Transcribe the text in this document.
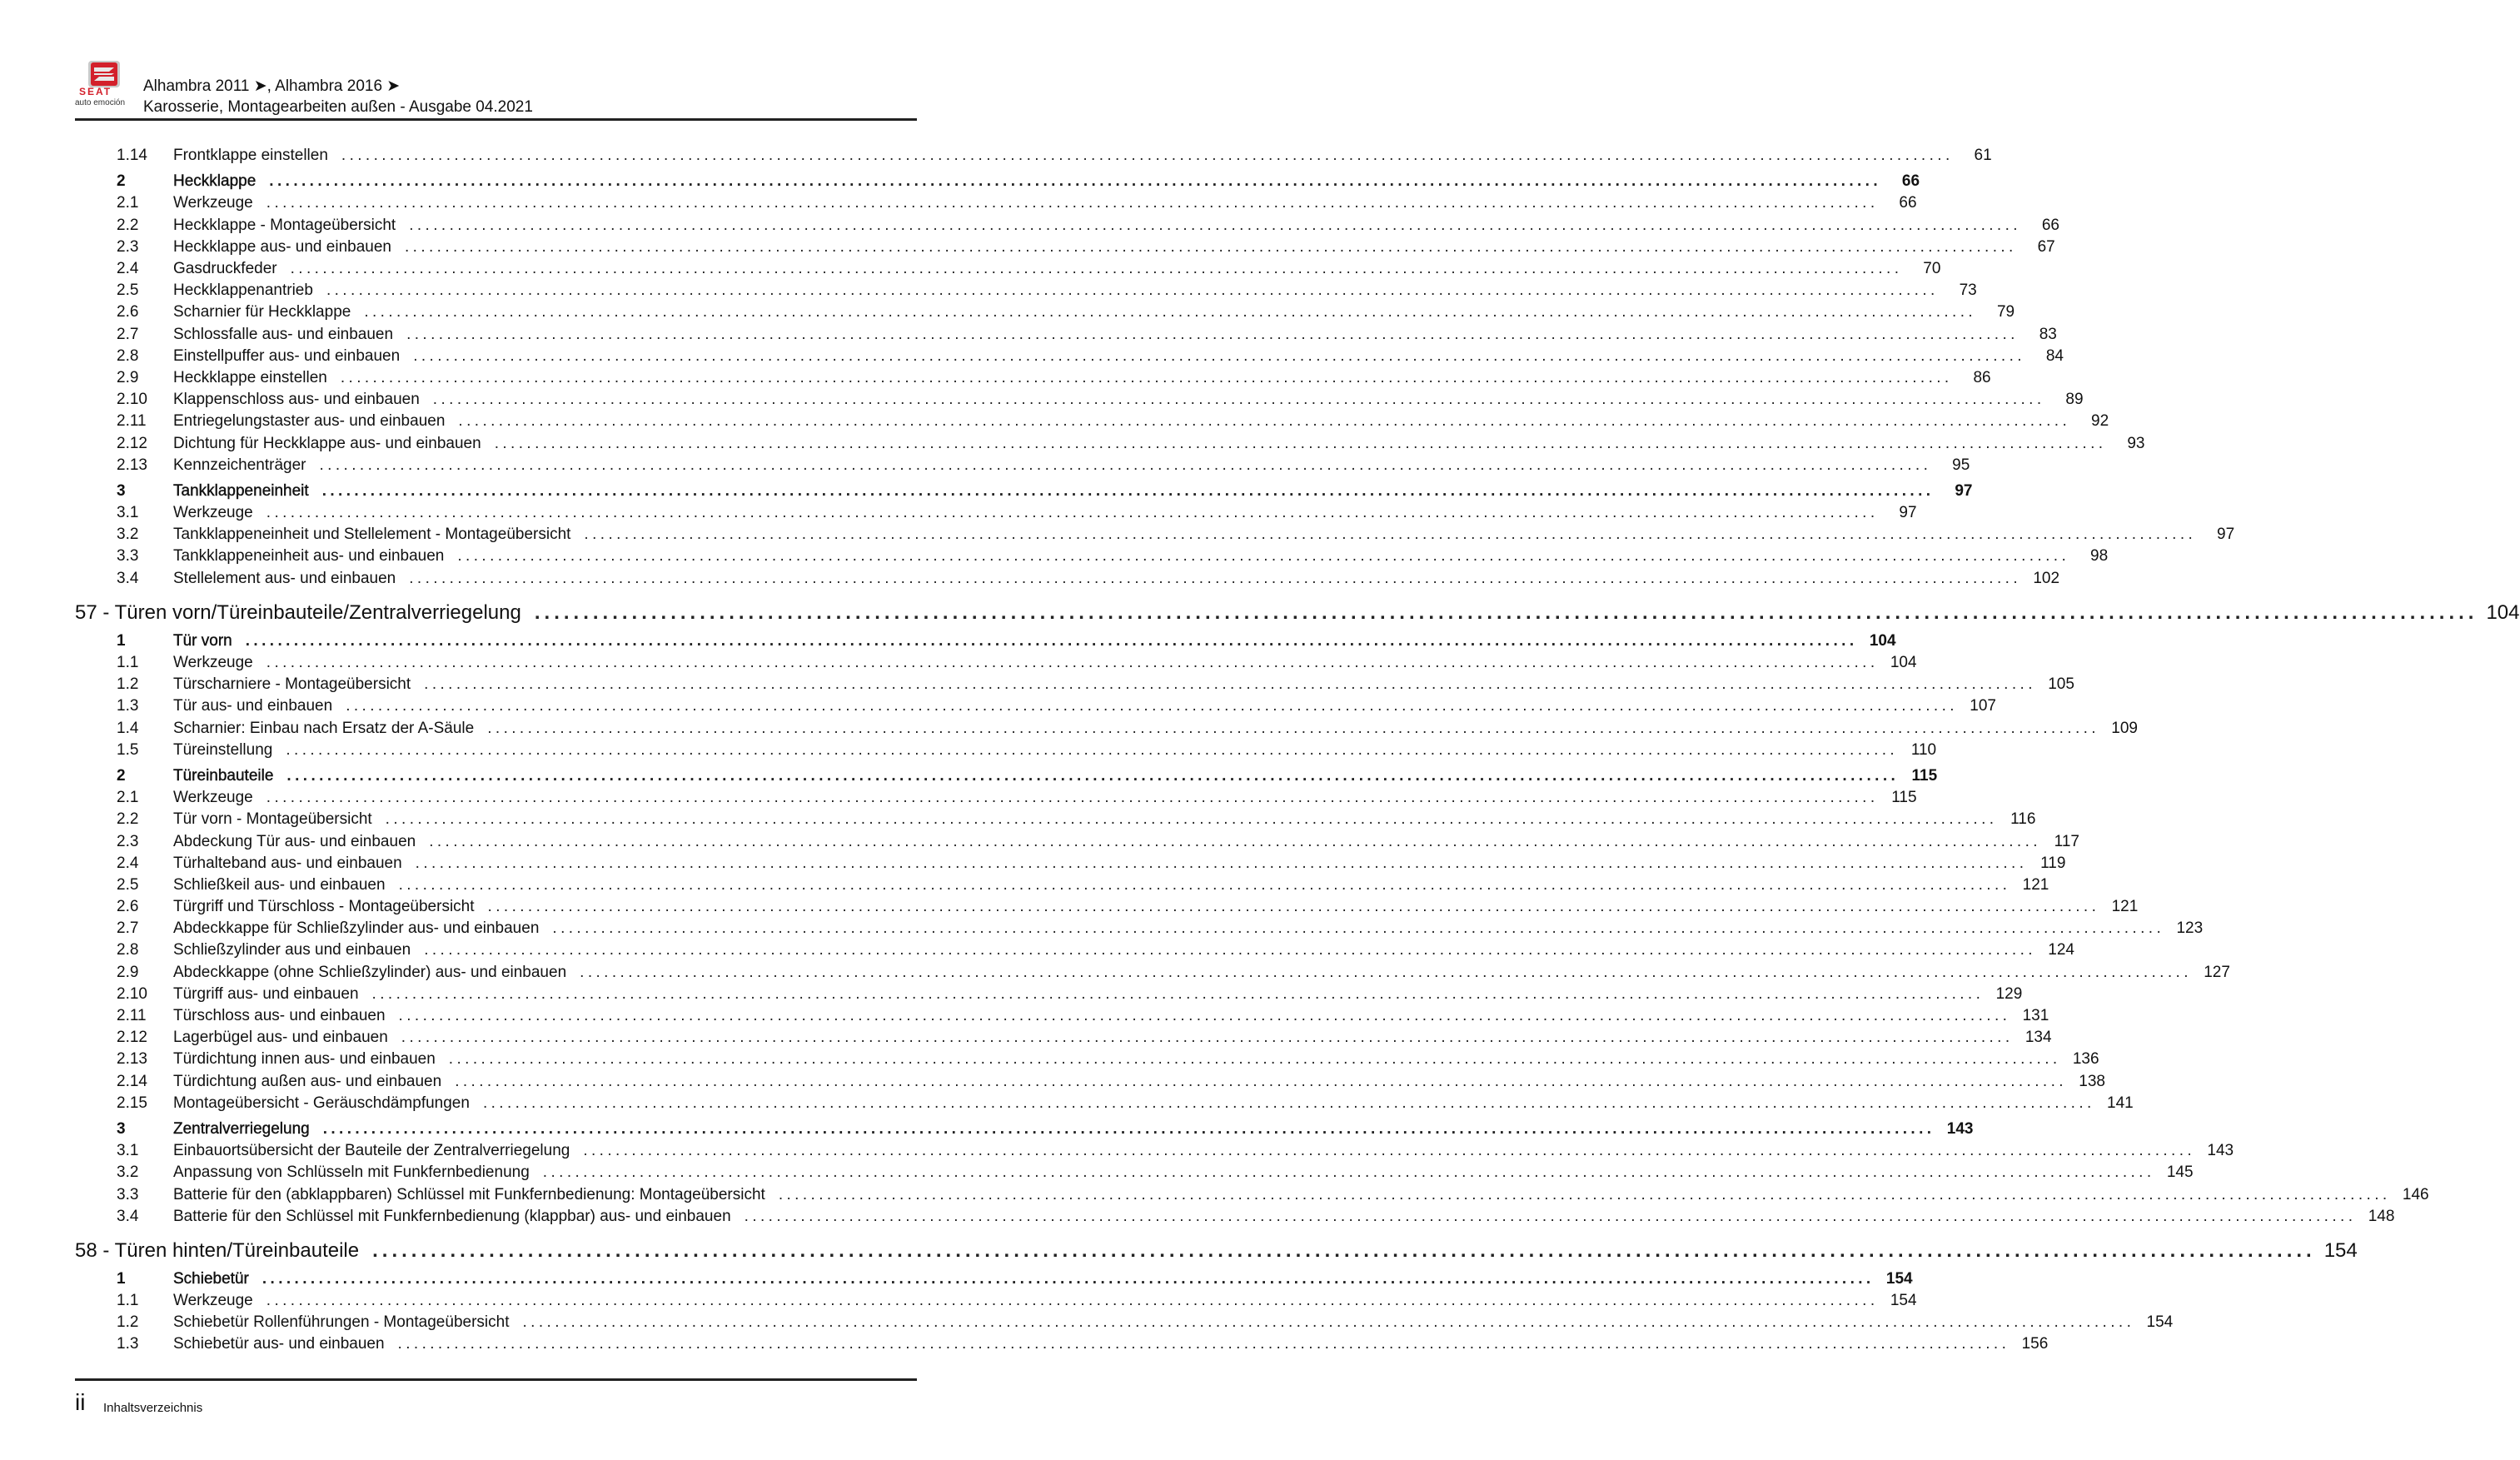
SEAT
auto emoción
Alhambra 2011 ➤, Alhambra 2016 ➤
Karosserie, Montagearbeiten außen - Ausgabe 04.2021
1.14	Frontklappe einstellen ........................................................................................................................................................................................................	61
2	Heckklappe ........................................................................................................................................................................................................	66
2.1	Werkzeuge ........................................................................................................................................................................................................	66
2.2	Heckklappe - Montageübersicht ........................................................................................................................................................................................................	66
2.3	Heckklappe aus- und einbauen ........................................................................................................................................................................................................	67
2.4	Gasdruckfeder ........................................................................................................................................................................................................	70
2.5	Heckklappenantrieb ........................................................................................................................................................................................................	73
2.6	Scharnier für Heckklappe ........................................................................................................................................................................................................	79
2.7	Schlossfalle aus- und einbauen ........................................................................................................................................................................................................	83
2.8	Einstellpuffer aus- und einbauen ........................................................................................................................................................................................................	84
2.9	Heckklappe einstellen ........................................................................................................................................................................................................	86
2.10	Klappenschloss aus- und einbauen ........................................................................................................................................................................................................	89
2.11	Entriegelungstaster aus- und einbauen ........................................................................................................................................................................................................	92
2.12	Dichtung für Heckklappe aus- und einbauen ........................................................................................................................................................................................................	93
2.13	Kennzeichenträger ........................................................................................................................................................................................................	95
3	Tankklappeneinheit ........................................................................................................................................................................................................	97
3.1	Werkzeuge ........................................................................................................................................................................................................	97
3.2	Tankklappeneinheit und Stellelement - Montageübersicht ........................................................................................................................................................................................................	97
3.3	Tankklappeneinheit aus- und einbauen ........................................................................................................................................................................................................	98
3.4	Stellelement aus- und einbauen ........................................................................................................................................................................................................ 102
57 - Türen vorn/Türeinbauteile/Zentralverriegelung ........................................................................................................................................................................................................ 104
1	Tür vorn ........................................................................................................................................................................................................ 104
1.1	Werkzeuge ........................................................................................................................................................................................................ 104
1.2	Türscharniere - Montageübersicht ........................................................................................................................................................................................................ 105
1.3	Tür aus- und einbauen ........................................................................................................................................................................................................ 107
1.4	Scharnier: Einbau nach Ersatz der A-Säule ........................................................................................................................................................................................................ 109
1.5	Türeinstellung ........................................................................................................................................................................................................ 110
2	Türeinbauteile ........................................................................................................................................................................................................ 115
2.1	Werkzeuge ........................................................................................................................................................................................................ 115
2.2	Tür vorn - Montageübersicht ........................................................................................................................................................................................................ 116
2.3	Abdeckung Tür aus- und einbauen ........................................................................................................................................................................................................ 117
2.4	Türhalteband aus- und einbauen ........................................................................................................................................................................................................ 119
2.5	Schließkeil aus- und einbauen ........................................................................................................................................................................................................ 121
2.6	Türgriff und Türschloss - Montageübersicht ........................................................................................................................................................................................................ 121
2.7	Abdeckkappe für Schließzylinder aus- und einbauen ........................................................................................................................................................................................................ 123
2.8	Schließzylinder aus und einbauen ........................................................................................................................................................................................................ 124
2.9	Abdeckkappe (ohne Schließzylinder) aus- und einbauen ........................................................................................................................................................................................................ 127
2.10	Türgriff aus- und einbauen ........................................................................................................................................................................................................ 129
2.11	Türschloss aus- und einbauen ........................................................................................................................................................................................................ 131
2.12	Lagerbügel aus- und einbauen ........................................................................................................................................................................................................ 134
2.13	Türdichtung innen aus- und einbauen ........................................................................................................................................................................................................ 136
2.14	Türdichtung außen aus- und einbauen ........................................................................................................................................................................................................ 138
2.15	Montageübersicht - Geräuschdämpfungen ........................................................................................................................................................................................................ 141
3	Zentralverriegelung ........................................................................................................................................................................................................ 143
3.1	Einbauortsübersicht der Bauteile der Zentralverriegelung ........................................................................................................................................................................................................ 143
3.2	Anpassung von Schlüsseln mit Funkfernbedienung ........................................................................................................................................................................................................ 145
3.3	Batterie für den (abklappbaren) Schlüssel mit Funkfernbedienung: Montageübersicht ........................................................................................................................................................................................................ 146
3.4	Batterie für den Schlüssel mit Funkfernbedienung (klappbar) aus- und einbauen ........................................................................................................................................................................................................ 148
58 - Türen hinten/Türeinbauteile ........................................................................................................................................................................................................ 154
1	Schiebetür ........................................................................................................................................................................................................ 154
1.1	Werkzeuge ........................................................................................................................................................................................................ 154
1.2	Schiebetür Rollenführungen - Montageübersicht ........................................................................................................................................................................................................ 154
1.3	Schiebetür aus- und einbauen ........................................................................................................................................................................................................ 156
ii Inhaltsverzeichnis
